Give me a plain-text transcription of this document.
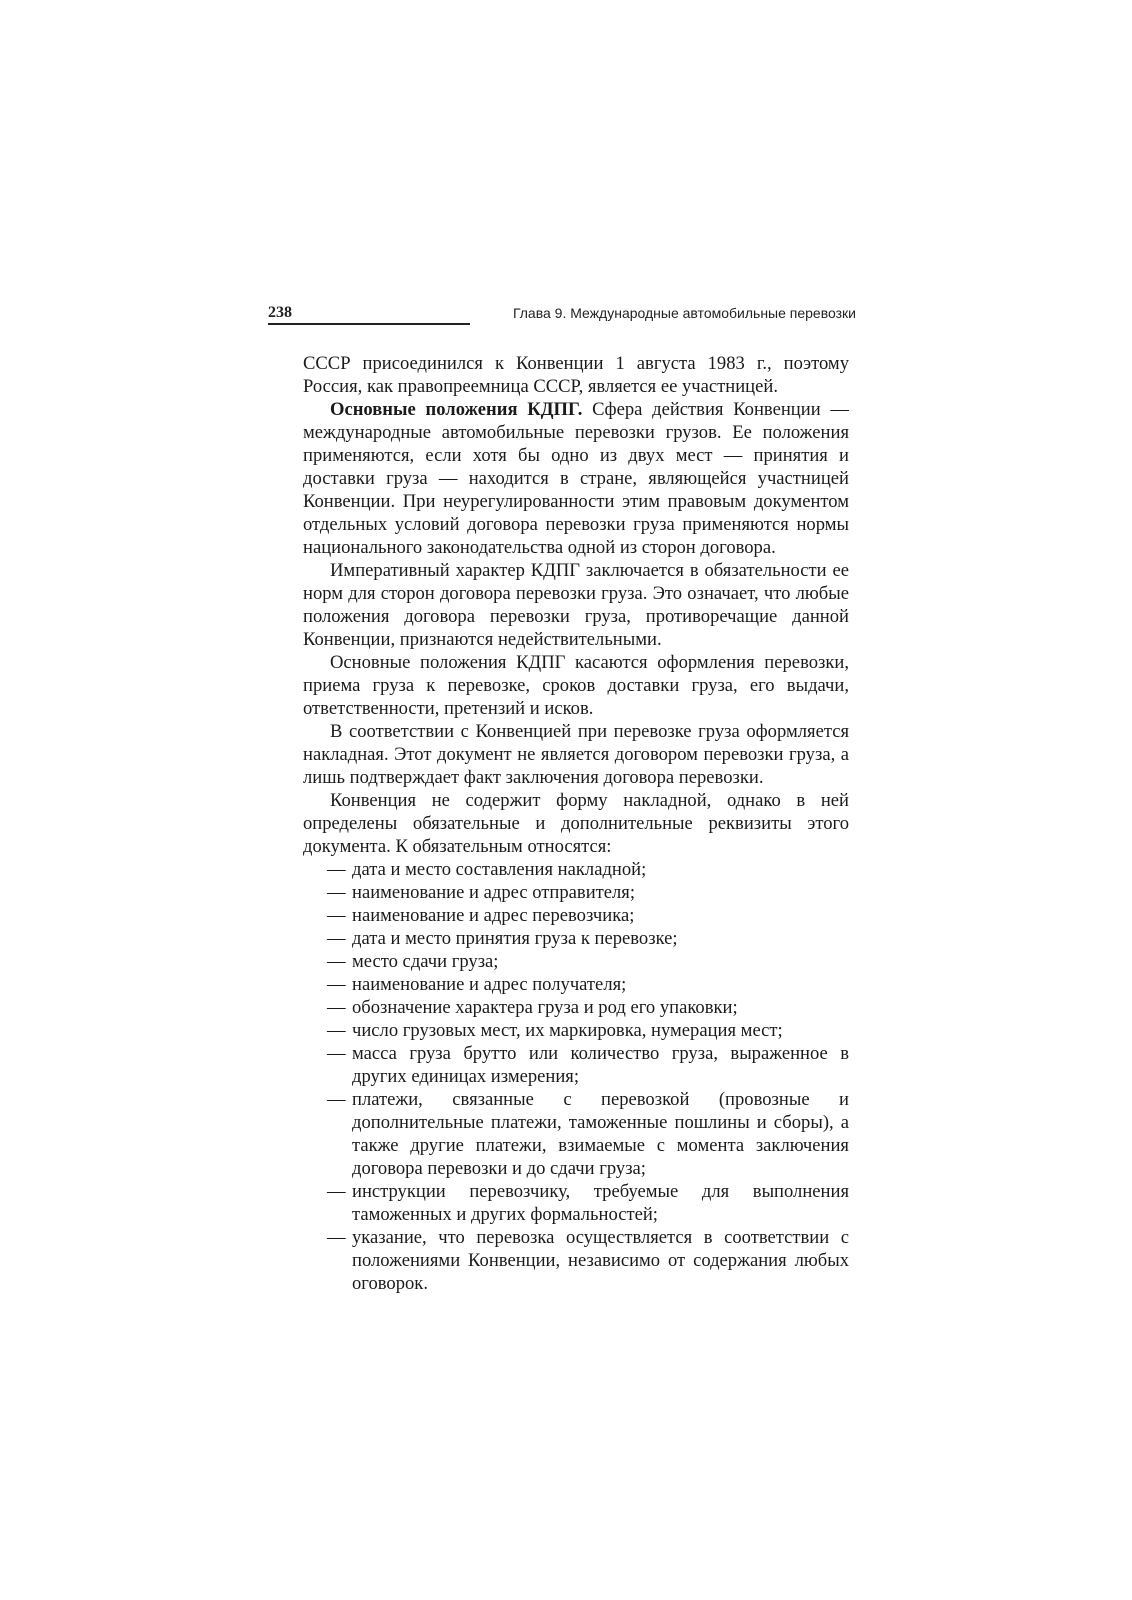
238	Глава 9. Международные автомобильные перевозки

СССР присоединился к Конвенции 1 августа 1983 г., поэтому Россия, как правопреемница СССР, является ее участницей.

Основные положения КДПГ. Сфера действия Конвенции — международные автомобильные перевозки грузов. Ее положения применяются, если хотя бы одно из двух мест — принятия и доставки груза — находится в стране, являющейся участницей Конвенции. При неурегулированности этим правовым документом отдельных условий договора перевозки груза применяются нормы национального законодательства одной из сторон договора.

Императивный характер КДПГ заключается в обязательности ее норм для сторон договора перевозки груза. Это означает, что любые положения договора перевозки груза, противоречащие данной Конвенции, признаются недействительными.

Основные положения КДПГ касаются оформления перевозки, приема груза к перевозке, сроков доставки груза, его выдачи, ответственности, претензий и исков.

В соответствии с Конвенцией при перевозке груза оформляется накладная. Этот документ не является договором перевозки груза, а лишь подтверждает факт заключения договора перевозки.

Конвенция не содержит форму накладной, однако в ней определены обязательные и дополнительные реквизиты этого документа. К обязательным относятся:

— дата и место составления накладной;
— наименование и адрес отправителя;
— наименование и адрес перевозчика;
— дата и место принятия груза к перевозке;
— место сдачи груза;
— наименование и адрес получателя;
— обозначение характера груза и род его упаковки;
— число грузовых мест, их маркировка, нумерация мест;
— масса груза брутто или количество груза, выраженное в других единицах измерения;
— платежи, связанные с перевозкой (провозные и дополнительные платежи, таможенные пошлины и сборы), а также другие платежи, взимаемые с момента заключения договора перевозки и до сдачи груза;
— инструкции перевозчику, требуемые для выполнения таможенных и других формальностей;
— указание, что перевозка осуществляется в соответствии с положениями Конвенции, независимо от содержания любых оговорок.
